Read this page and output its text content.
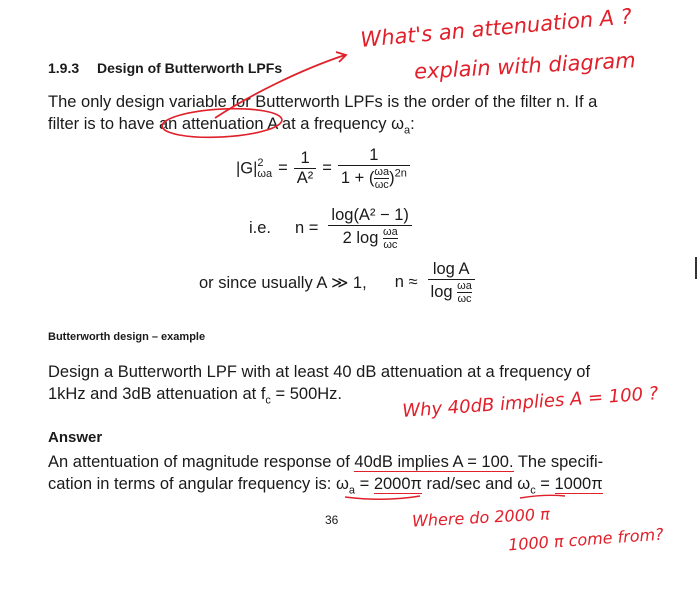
1.9.3 Design of Butterworth LPFs
The only design variable for Butterworth LPFs is the order of the filter n. If a
filter is to have an attenuation A at a frequency $\omega_a$:
|G| 2
$\omega a = \frac{1}{\text{A²}} = \frac{1}{1 + ( \frac{\omega a}{\omega c} )^{2n}}$
i.e. $n = \frac{\text{log(A² − 1)}}{2 \log \frac{\omega a}{\omega c}}$
or since usually A ≫ 1, $n \approx \frac{\text{log A}}{\log \frac{\omega a}{\omega c}}$
Butterworth design – example
Design a Butterworth LPF with at least 40 dB attenuation at a frequency of
1kHz and 3dB attenuation at $f_c = 500Hz$.
Answer
An attentuation of magnitude response of 40dB implies A = 100. The specifi-
cation in terms of angular frequency is: $\omega_a = 2000\pi$ rad/sec and $\omega_c = 1000\pi$
36
What's an attenuation A ?
explain with diagram
Why 40dB implies A = 100 ?
Where do 2000 π
1000 π come from?
